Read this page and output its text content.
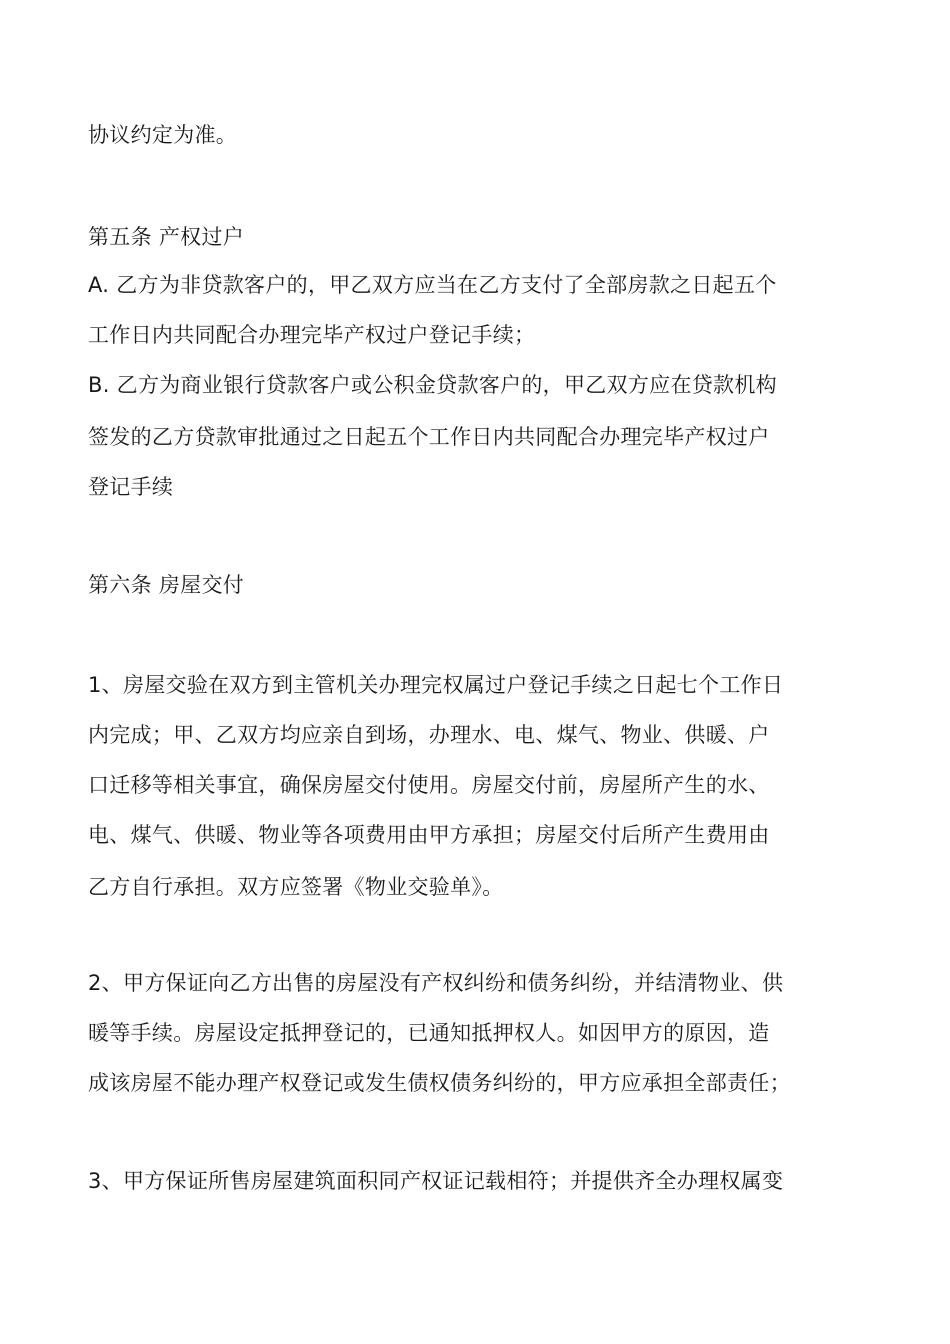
协议约定为准。
第五条 产权过户
A. 乙方为非贷款客户的，甲乙双方应当在乙方支付了全部房款之日起五个
工作日内共同配合办理完毕产权过户登记手续；
B. 乙方为商业银行贷款客户或公积金贷款客户的，甲乙双方应在贷款机构
签发的乙方贷款审批通过之日起五个工作日内共同配合办理完毕产权过户
登记手续
第六条 房屋交付
1、房屋交验在双方到主管机关办理完权属过户登记手续之日起七个工作日
内完成；甲、乙双方均应亲自到场，办理水、电、煤气、物业、供暖、户
口迁移等相关事宜，确保房屋交付使用。房屋交付前，房屋所产生的水、
电、煤气、供暖、物业等各项费用由甲方承担；房屋交付后所产生费用由
乙方自行承担。双方应签署《物业交验单》。
2、甲方保证向乙方出售的房屋没有产权纠纷和债务纠纷，并结清物业、供
暖等手续。房屋设定抵押登记的，已通知抵押权人。如因甲方的原因，造
成该房屋不能办理产权登记或发生债权债务纠纷的，甲方应承担全部责任；
3、甲方保证所售房屋建筑面积同产权证记载相符；并提供齐全办理权属变
